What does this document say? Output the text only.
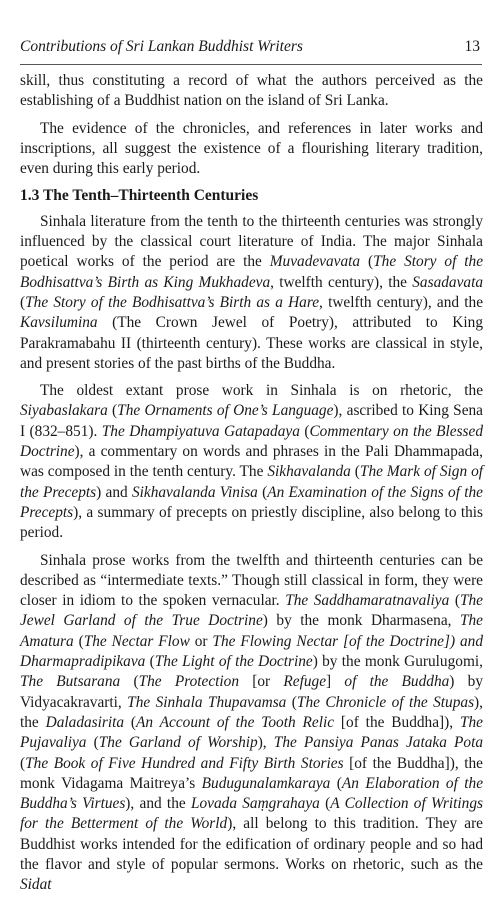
Contributions of Sri Lankan Buddhist Writers	13

skill, thus constituting a record of what the authors perceived as the establishing of a Buddhist nation on the island of Sri Lanka.

The evidence of the chronicles, and references in later works and inscriptions, all suggest the existence of a flourishing literary tradition, even during this early period.

1.3 The Tenth–Thirteenth Centuries

Sinhala literature from the tenth to the thirteenth centuries was strongly influenced by the classical court literature of India. The major Sinhala poetical works of the period are the Muvadevavata (The Story of the Bodhisattva’s Birth as King Mukhadeva, twelfth century), the Sasadavata (The Story of the Bodhisattva’s Birth as a Hare, twelfth century), and the Kavsilumina (The Crown Jewel of Poetry), attributed to King Parakramabahu II (thirteenth century). These works are classical in style, and present stories of the past births of the Buddha.

The oldest extant prose work in Sinhala is on rhetoric, the Siyabaslakara (The Ornaments of One’s Language), ascribed to King Sena I (832–851). The Dhampiyatuva Gatapadaya (Commentary on the Blessed Doctrine), a commentary on words and phrases in the Pali Dhammapada, was composed in the tenth century. The Sikhavalanda (The Mark of Sign of the Precepts) and Sikhavalanda Vinisa (An Examination of the Signs of the Precepts), a summary of precepts on priestly discipline, also belong to this period.

Sinhala prose works from the twelfth and thirteenth centuries can be described as “intermediate texts.” Though still classical in form, they were closer in idiom to the spoken vernacular. The Saddhamaratnavaliya (The Jewel Garland of the True Doctrine) by the monk Dharmasena, The Amatura (The Nectar Flow or The Flowing Nectar [of the Doctrine]) and Dharmapradipikava (The Light of the Doctrine) by the monk Gurulugomi, The Butsarana (The Protection [or Refuge] of the Buddha) by Vidyacakravarti, The Sinhala Thupavamsa (The Chronicle of the Stupas), the Daladasirita (An Account of the Tooth Relic [of the Buddha]), The Pujavaliya (The Garland of Worship), The Pansiya Panas Jataka Pota (The Book of Five Hundred and Fifty Birth Stories [of the Buddha]), the monk Vidagama Maitreya’s Budugunalamkaraya (An Elaboration of the Buddha’s Virtues), and the Lovada Saṃgrahaya (A Collection of Writings for the Betterment of the World), all belong to this tradition. They are Buddhist works intended for the edification of ordinary people and so had the flavor and style of popular sermons. Works on rhetoric, such as the Sidat
